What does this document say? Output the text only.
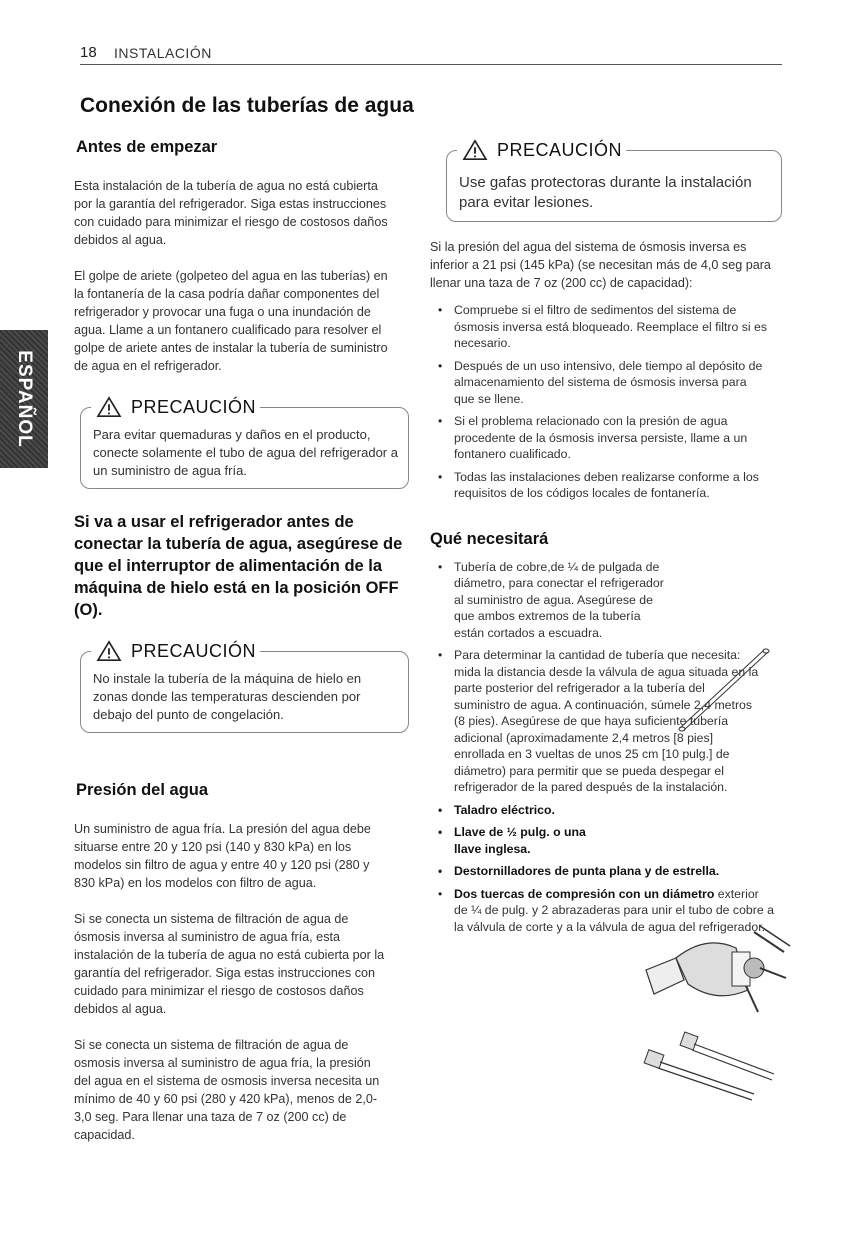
18 INSTALACIÓN
ESPAÑOL
Conexión de las tuberías de agua
Antes de empezar

Esta instalación de la tubería de agua no está cubierta por la garantía del refrigerador. Siga estas instrucciones con cuidado para minimizar el riesgo de costosos daños debidos al agua.

El golpe de ariete (golpeteo del agua en las tuberías) en la fontanería de la casa podría dañar componentes del refrigerador y provocar una fuga o una inundación de agua. Llame a un fontanero cualificado para resolver el golpe de ariete antes de instalar la tubería de suministro de agua en el refrigerador.

PRECAUCIÓN
Para evitar quemaduras y daños en el producto, conecte solamente el tubo de agua del refrigerador a un suministro de agua fría.

Si va a usar el refrigerador antes de conectar la tubería de agua, asegúrese de que el interruptor de alimentación de la máquina de hielo está en la posición OFF (O).

PRECAUCIÓN
No instale la tubería de la máquina de hielo en zonas donde las temperaturas descienden por debajo del punto de congelación.
Presión del agua

Un suministro de agua fría. La presión del agua debe situarse entre 20 y 120 psi (140 y 830 kPa) en los modelos sin filtro de agua y entre 40 y 120 psi (280 y 830 kPa) en los modelos con filtro de agua.

Si se conecta un sistema de filtración de agua de ósmosis inversa al suministro de agua fría, esta instalación de la tubería de agua no está cubierta por la garantía del refrigerador. Siga estas instrucciones con cuidado para minimizar el riesgo de costosos daños debidos al agua.

Si se conecta un sistema de filtración de agua de osmosis inversa al suministro de agua fría, la presión del agua en el sistema de osmosis inversa necesita un mínimo de 40 y 60 psi (280 y 420 kPa), menos de 2,0-3,0 seg. Para llenar una taza de 7 oz (200 cc) de capacidad.

PRECAUCIÓN
Use gafas protectoras durante la instalación para evitar lesiones.

Si la presión del agua del sistema de ósmosis inversa es inferior a 21 psi (145 kPa) (se necesitan más de 4,0 seg para llenar una taza de 7 oz (200 cc) de capacidad):

• Compruebe si el filtro de sedimentos del sistema de ósmosis inversa está bloqueado. Reemplace el filtro si es necesario.
• Después de un uso intensivo, dele tiempo al depósito de almacenamiento del sistema de ósmosis inversa para que se llene.
• Si el problema relacionado con la presión de agua procedente de la ósmosis inversa persiste, llame a un fontanero cualificado.
• Todas las instalaciones deben realizarse conforme a los requisitos de los códigos locales de fontanería.
Qué necesitará
• Tubería de cobre,de ¼ de pulgada de diámetro, para conectar el refrigerador al suministro de agua. Asegúrese de que ambos extremos de la tubería están cortados a escuadra.
• Para determinar la cantidad de tubería que necesita: mida la distancia desde la válvula de agua situada en la parte posterior del refrigerador a la tubería del suministro de agua. A continuación, súmele 2,4 metros (8 pies). Asegúrese de que haya suficiente tubería adicional (aproximadamente 2,4 metros [8 pies] enrollada en 3 vueltas de unos 25 cm [10 pulg.] de diámetro) para permitir que se pueda despegar el refrigerador de la pared después de la instalación.
• Taladro eléctrico.
• Llave de ½ pulg. o una llave inglesa.
• Destornilladores de punta plana y de estrella.
• Dos tuercas de compresión con un diámetro exterior de ¼ de pulg. y 2 abrazaderas para unir el tubo de cobre a la válvula de corte y a la válvula de agua del refrigerador.
